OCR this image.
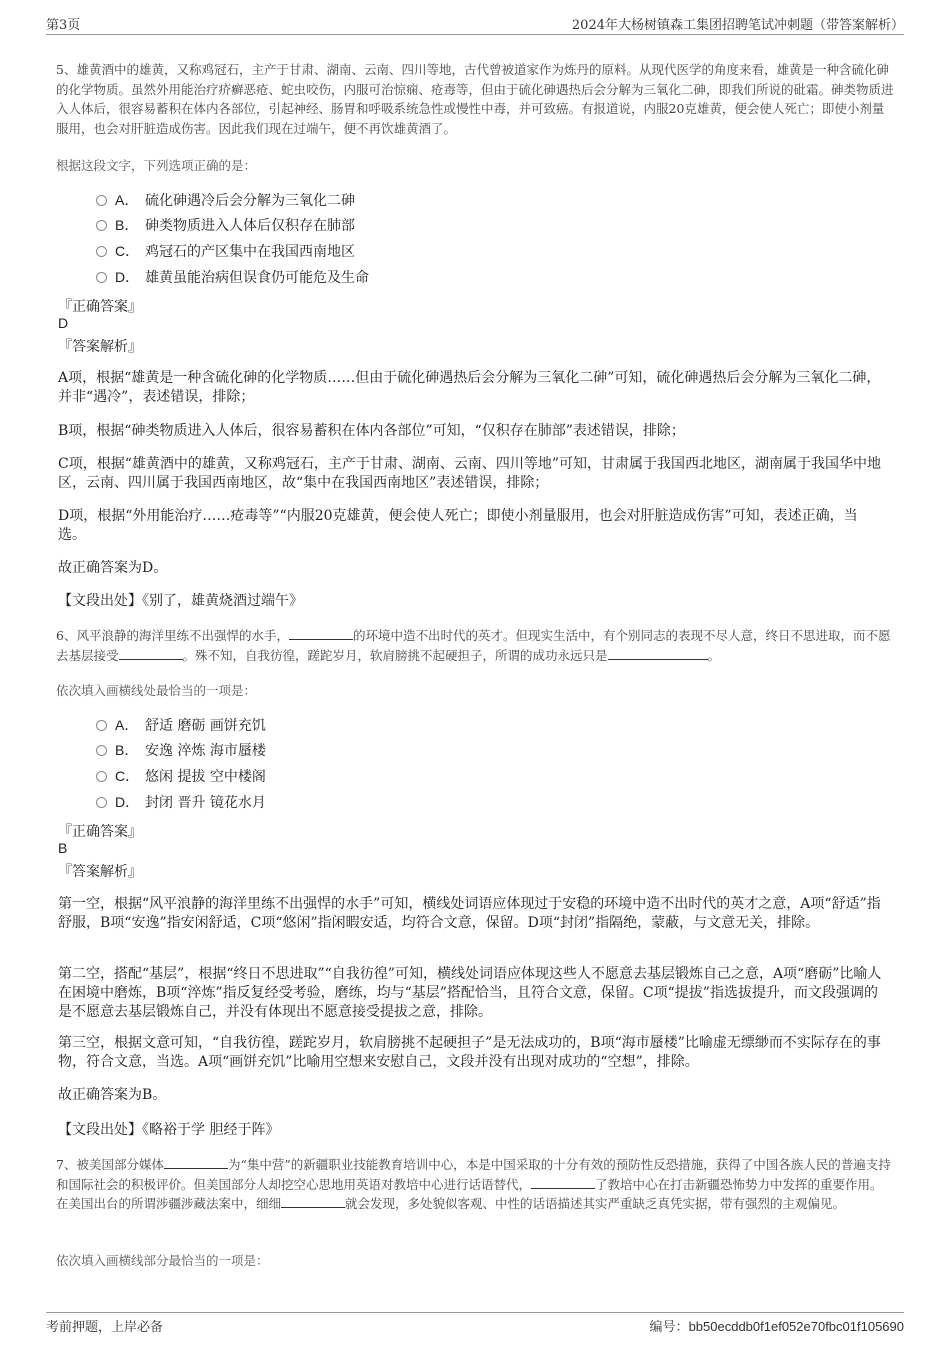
第3页	2024年大杨树镇森工集团招聘笔试冲刺题（带答案解析）

5、雄黄酒中的雄黄，又称鸡冠石，主产于甘肃、湖南、云南、四川等地，古代曾被道家作为炼丹的原料。从现代医学的角度来看，雄黄是一种含硫化砷的化学物质。虽然外用能治疗疥癣恶疮、蛇虫咬伤，内服可治惊痫、疮毒等，但由于硫化砷遇热后会分解为三氧化二砷，即我们所说的砒霜。砷类物质进入人体后，很容易蓄积在体内各部位，引起神经、肠胃和呼吸系统急性或慢性中毒，并可致癌。有报道说，内服20克雄黄，便会使人死亡；即使小剂量服用，也会对肝脏造成伤害。因此我们现在过端午，便不再饮雄黄酒了。

根据这段文字，下列选项正确的是：

A． 硫化砷遇冷后会分解为三氧化二砷
B． 砷类物质进入人体后仅积存在肺部
C． 鸡冠石的产区集中在我国西南地区
D． 雄黄虽能治病但误食仍可能危及生命
『正确答案』
D
『答案解析』

A项，根据“雄黄是一种含硫化砷的化学物质……但由于硫化砷遇热后会分解为三氧化二砷”可知，硫化砷遇热后会分解为三氧化二砷，并非“遇冷”，表述错误，排除；

B项，根据“砷类物质进入人体后，很容易蓄积在体内各部位”可知，“仅积存在肺部”表述错误，排除；

C项，根据“雄黄酒中的雄黄，又称鸡冠石，主产于甘肃、湖南、云南、四川等地”可知，甘肃属于我国西北地区，湖南属于我国华中地区，云南、四川属于我国西南地区，故“集中在我国西南地区”表述错误，排除；

D项，根据“外用能治疗……疮毒等”“内服20克雄黄，便会使人死亡；即使小剂量服用，也会对肝脏造成伤害”可知，表述正确，当选。

故正确答案为D。

【文段出处】《别了，雄黄烧酒过端午》

6、风平浪静的海洋里练不出强悍的水手，	的环境中造不出时代的英才。但现实生活中，有个别同志的表现不尽人意，终日不思进取，而不愿去基层接受	。殊不知，自我彷徨，蹉跎岁月，软肩膀挑不起硬担子，所谓的成功永远只是	。

依次填入画横线处最恰当的一项是：

A． 舒适 磨砺 画饼充饥
B． 安逸 淬炼 海市蜃楼
C． 悠闲 提拔 空中楼阁
D． 封闭 晋升 镜花水月
『正确答案』
B
『答案解析』

第一空，根据“风平浪静的海洋里练不出强悍的水手”可知，横线处词语应体现过于安稳的环境中造不出时代的英才之意，A项“舒适”指舒服，B项“安逸”指安闲舒适，C项“悠闲”指闲暇安适，均符合文意，保留。D项“封闭”指隔绝，蒙蔽，与文意无关，排除。

第二空，搭配“基层”，根据“终日不思进取”“自我彷徨”可知，横线处词语应体现这些人不愿意去基层锻炼自己之意，A项“磨砺”比喻人在困境中磨炼，B项“淬炼”指反复经受考验，磨练，均与“基层”搭配恰当，且符合文意，保留。C项“提拔”指选拔提升，而文段强调的是不愿意去基层锻炼自己，并没有体现出不愿意接受提拔之意，排除。

第三空，根据文意可知，“自我彷徨，蹉跎岁月，软肩膀挑不起硬担子”是无法成功的，B项“海市蜃楼”比喻虚无缥缈而不实际存在的事物，符合文意，当选。A项“画饼充饥”比喻用空想来安慰自己，文段并没有出现对成功的“空想”，排除。

故正确答案为B。

【文段出处】《略裕于学 胆经于阵》

7、被美国部分媒体	为“集中营”的新疆职业技能教育培训中心，本是中国采取的十分有效的预防性反恐措施，获得了中国各族人民的普遍支持和国际社会的积极评价。但美国部分人却挖空心思地用英语对教培中心进行话语替代，	了教培中心在打击新疆恐怖势力中发挥的重要作用。在美国出台的所谓涉疆涉藏法案中，细细	就会发现，多处貌似客观、中性的话语描述其实严重缺乏真凭实据，带有强烈的主观偏见。

依次填入画横线部分最恰当的一项是：

考前押题，上岸必备	编号：bb50ecddb0f1ef052e70fbc01f105690
